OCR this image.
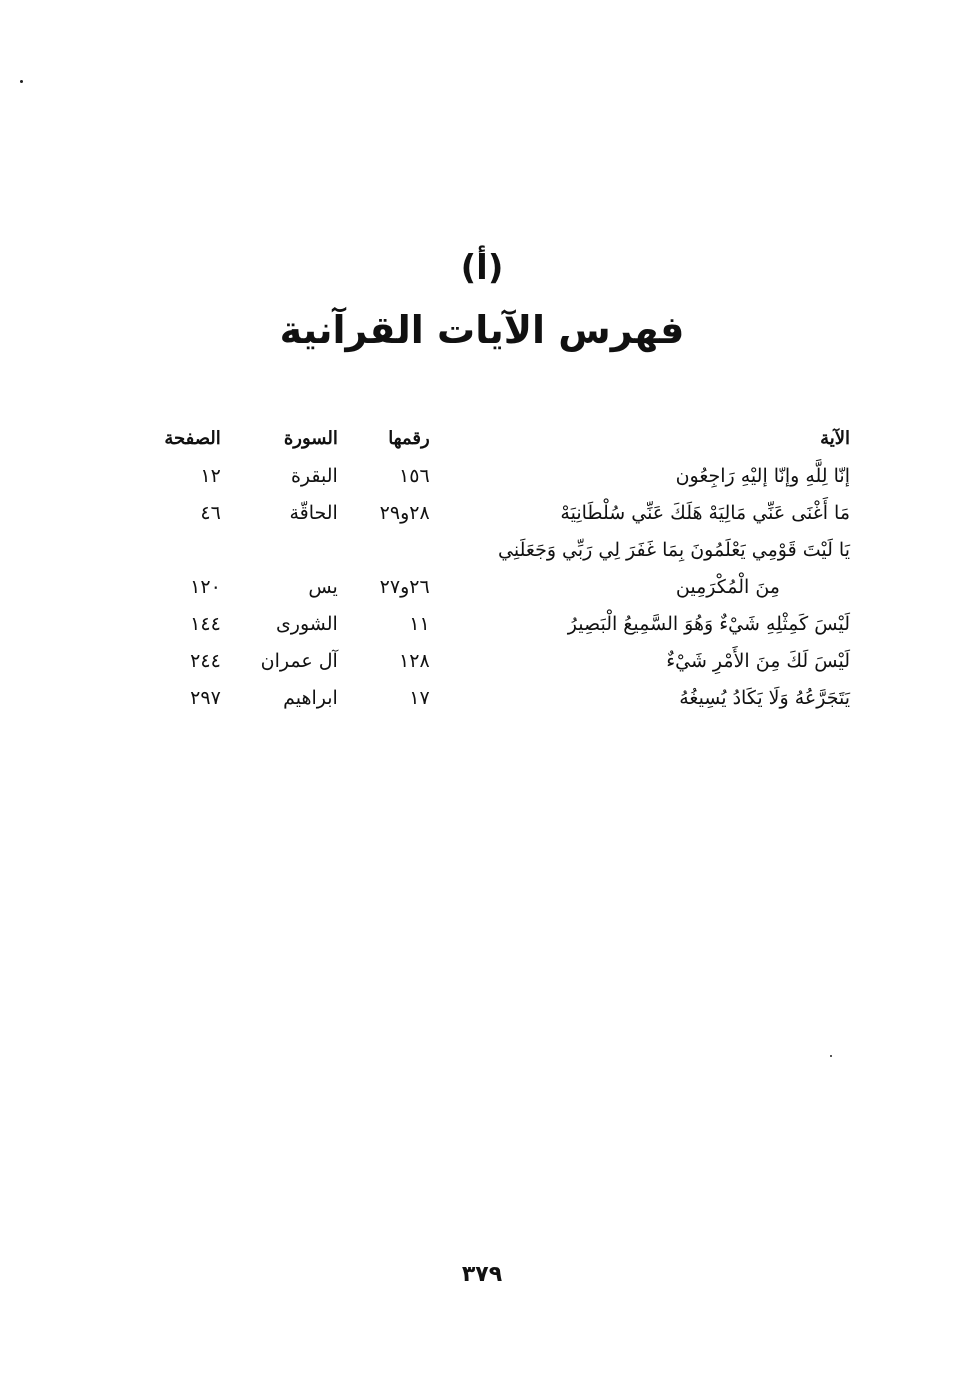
(أ)
فهرس الآيات القرآنية
الآية	رقمها	السورة	الصفحة
إنّا لِلَّهِ وإنّا إليْهِ رَاجِعُون	١٥٦	البقرة	١٢
مَا أَغْنَى عَنِّي مَالِيَهْ هَلَكَ عَنِّي سُلْطَانِيَهْ	٢٨و٢٩	الحاقّة	٤٦
يَا لَيْتَ قَوْمِي يَعْلَمُونَ بِمَا غَفَرَ لِي رَبِّي وَجَعَلَنِي			
مِنَ الْمُكْرَمِين	٢٦و٢٧	يس	١٢٠
لَيْسَ كَمِثْلِهِ شَيْءٌ وَهُوَ السَّمِيعُ الْبَصِيرُ	١١	الشورى	١٤٤
لَيْسَ لَكَ مِنَ الأَمْرِ شَيْءٌ	١٢٨	آل عمران	٢٤٤
يَتَجَرَّعُهُ وَلَا يَكَادُ يُسِيغُهُ	١٧	ابراهيم	٢٩٧
٣٧٩
